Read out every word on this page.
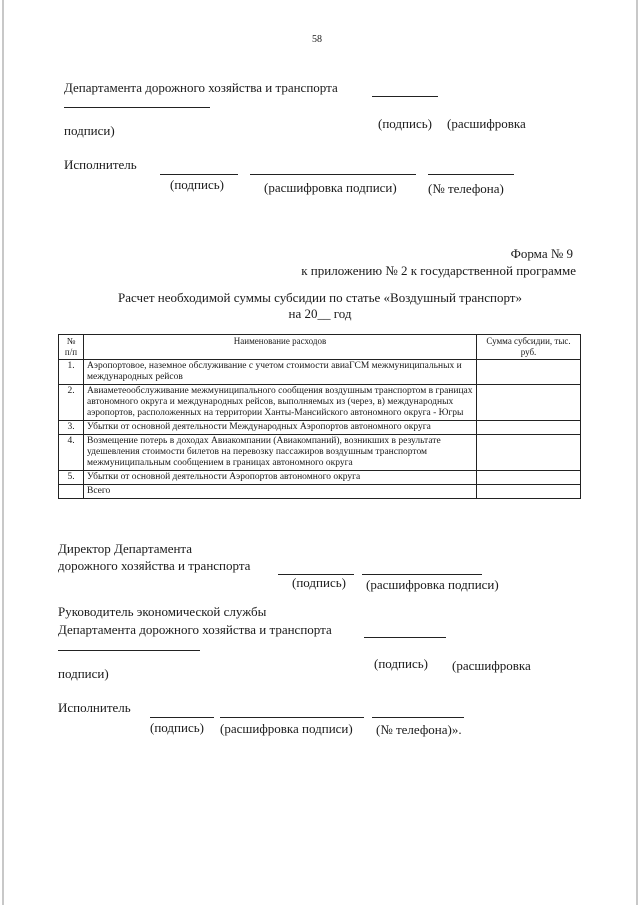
58
Департамента дорожного хозяйства и транспорта
(подпись) (расшифровка
подписи)
Исполнитель
(подпись)	(расшифровка подписи) (№ телефона)
Форма № 9
к приложению № 2 к государственной программе
Расчет необходимой суммы субсидии по статье «Воздушный транспорт»
на 20__ год
№ п/п	Наименование расходов	Сумма субсидии, тыс. руб.
1.	Аэропортовое, наземное обслуживание с учетом стоимости авиаГСМ межмуниципальных и международных рейсов	
2.	Авиаметеообслуживание межмуниципального сообщения воздушным транспортом в границах автономного округа и международных рейсов, выполняемых из (через, в) международных аэропортов, расположенных на территории Ханты-Мансийского автономного округа - Югры	
3.	Убытки от основной деятельности Международных Аэропортов автономного округа	
4.	Возмещение потерь в доходах Авиакомпании (Авиакомпаний), возникших в результате удешевления стоимости билетов на перевозку пассажиров воздушным транспортом межмуниципальным сообщением в границах автономного округа	
5.	Убытки от основной деятельности Аэропортов автономного округа	
	Всего	
Директор Департамента
дорожного хозяйства и транспорта
(подпись) (расшифровка подписи)
Руководитель экономической службы
Департамента дорожного хозяйства и транспорта
(подпись) (расшифровка
подписи)
Исполнитель
(подпись) (расшифровка подписи) (№ телефона)».
